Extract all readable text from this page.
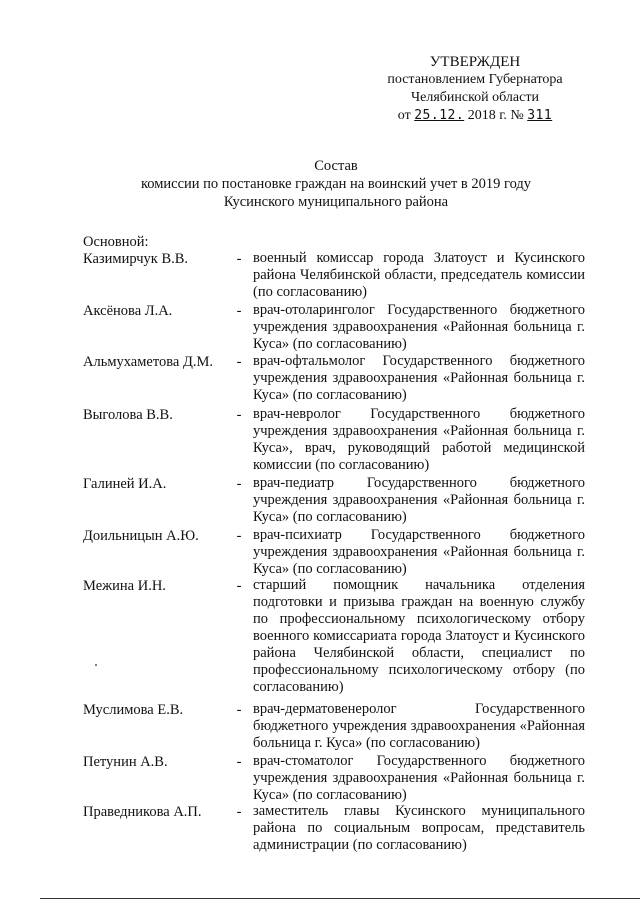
УТВЕРЖДЕН
постановлением Губернатора
Челябинской области
от 25.12. 2018 г. № 311
Состав
комиссии по постановке граждан на воинский учет в 2019 году
Кусинского муниципального района
Основной:
Казимирчук В.В.	- военный комиссар города Златоуст и Кусинского района Челябинской области, председатель комиссии (по согласованию)
Аксёнова Л.А.	- врач-отоларинголог Государственного бюджетного учреждения здравоохранения «Районная больница г. Куса» (по согласованию)
Альмухаметова Д.М.	- врач-офтальмолог Государственного бюджетного учреждения здравоохранения «Районная больница г. Куса» (по согласованию)
Выголова В.В.	- врач-невролог Государственного бюджетного учреждения здравоохранения «Районная больница г. Куса», врач, руководящий работой медицинской комиссии (по согласованию)
Галиней И.А.	- врач-педиатр Государственного бюджетного учреждения здравоохранения «Районная больница г. Куса» (по согласованию)
Доильницын А.Ю.	- врач-психиатр Государственного бюджетного учреждения здравоохранения «Районная больница г. Куса» (по согласованию)
Межина И.Н.	- старший помощник начальника отделения подготовки и призыва граждан на военную службу по профессиональному психологическому отбору военного комиссариата города Златоуст и Кусинского района Челябинской области, специалист по профессиональному психологическому отбору (по согласованию)
Муслимова Е.В.	- врач-дерматовенеролог Государственного бюджетного учреждения здравоохранения «Районная больница г. Куса» (по согласованию)
Петунин А.В.	- врач-стоматолог Государственного бюджетного учреждения здравоохранения «Районная больница г. Куса» (по согласованию)
Праведникова А.П.	- заместитель главы Кусинского муниципального района по социальным вопросам, представитель администрации (по согласованию)
